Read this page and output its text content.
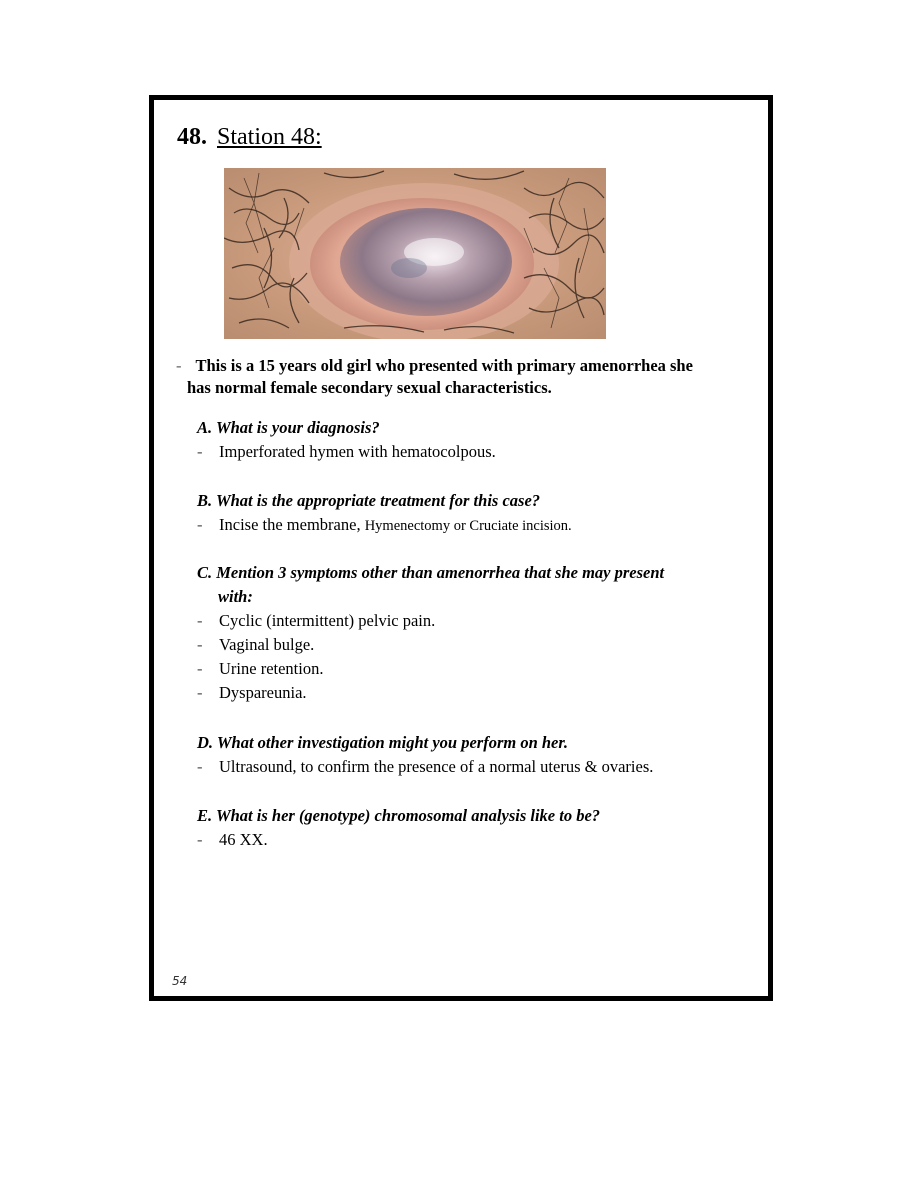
48. Station 48:
- This is a 15 years old girl who presented with primary amenorrhea she
has normal female secondary sexual characteristics.
A. What is your diagnosis?
- Imperforated hymen with hematocolpous.
B. What is the appropriate treatment for this case?
- Incise the membrane, Hymenectomy or Cruciate incision.
C. Mention 3 symptoms other than amenorrhea that she may present
with:
- Cyclic (intermittent) pelvic pain.
- Vaginal bulge.
- Urine retention.
- Dyspareunia.
D. What other investigation might you perform on her.
- Ultrasound, to confirm the presence of a normal uterus & ovaries.
E. What is her (genotype) chromosomal analysis like to be?
- 46 XX.
54
